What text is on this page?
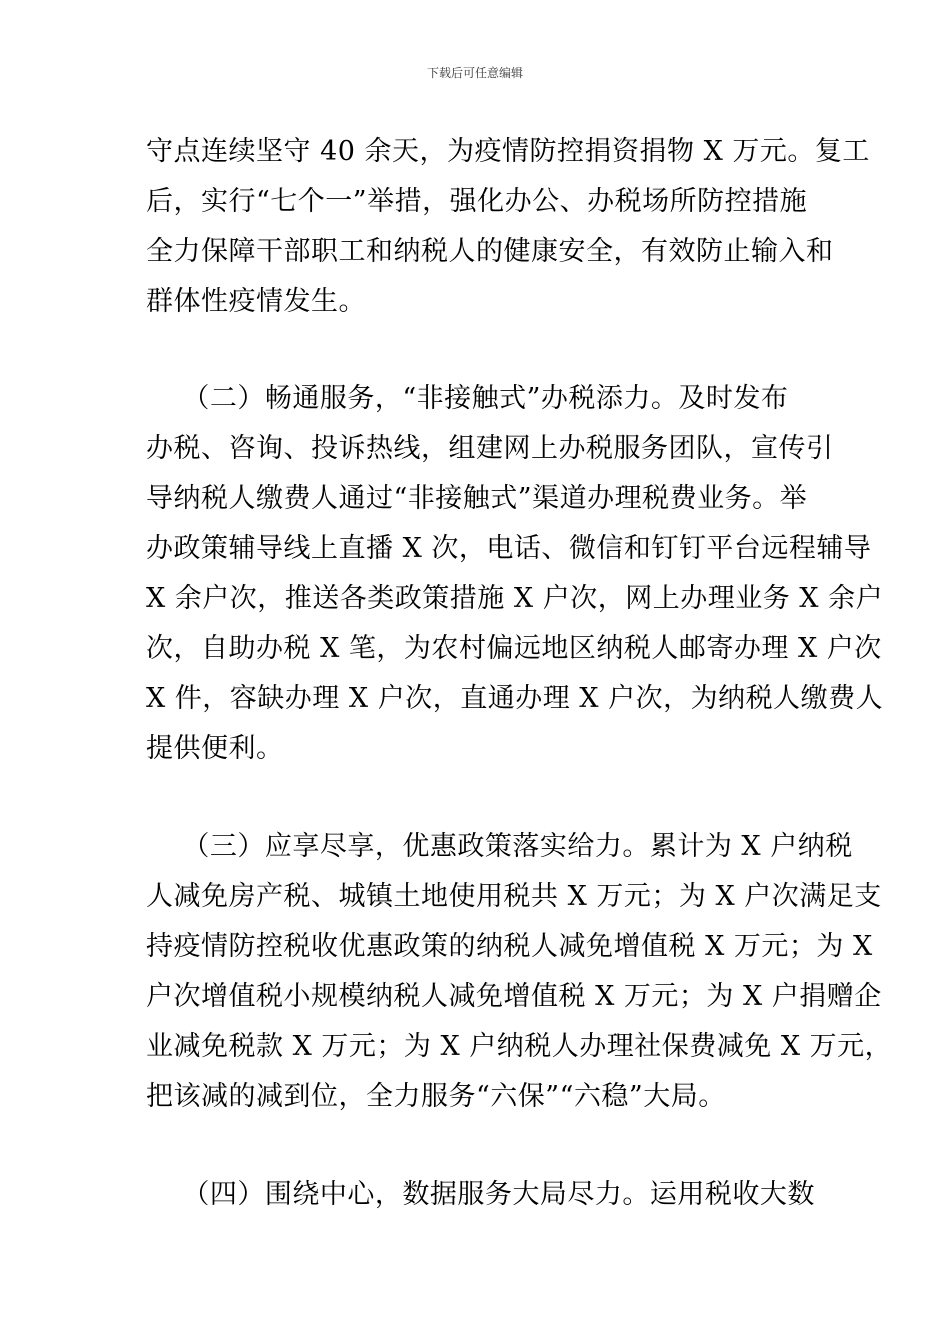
下载后可任意编辑
守点连续坚守 40 余天，为疫情防控捐资捐物 X 万元。复工
后，实行“七个一”举措，强化办公、办税场所防控措施
全力保障干部职工和纳税人的健康安全，有效防止输入和
群体性疫情发生。
（二）畅通服务，“非接触式”办税添力。及时发布
办税、咨询、投诉热线，组建网上办税服务团队，宣传引
导纳税人缴费人通过“非接触式”渠道办理税费业务。举
办政策辅导线上直播 X 次，电话、微信和钉钉平台远程辅导
X 余户次，推送各类政策措施 X 户次，网上办理业务 X 余户
次，自助办税 X 笔，为农村偏远地区纳税人邮寄办理 X 户次
X 件，容缺办理 X 户次，直通办理 X 户次，为纳税人缴费人
提供便利。
（三）应享尽享，优惠政策落实给力。累计为 X 户纳税
人减免房产税、城镇土地使用税共 X 万元；为 X 户次满足支
持疫情防控税收优惠政策的纳税人减免增值税 X 万元；为 X
户次增值税小规模纳税人减免增值税 X 万元；为 X 户捐赠企
业减免税款 X 万元；为 X 户纳税人办理社保费减免 X 万元，
把该减的减到位，全力服务“六保”“六稳”大局。
（四）围绕中心，数据服务大局尽力。运用税收大数
